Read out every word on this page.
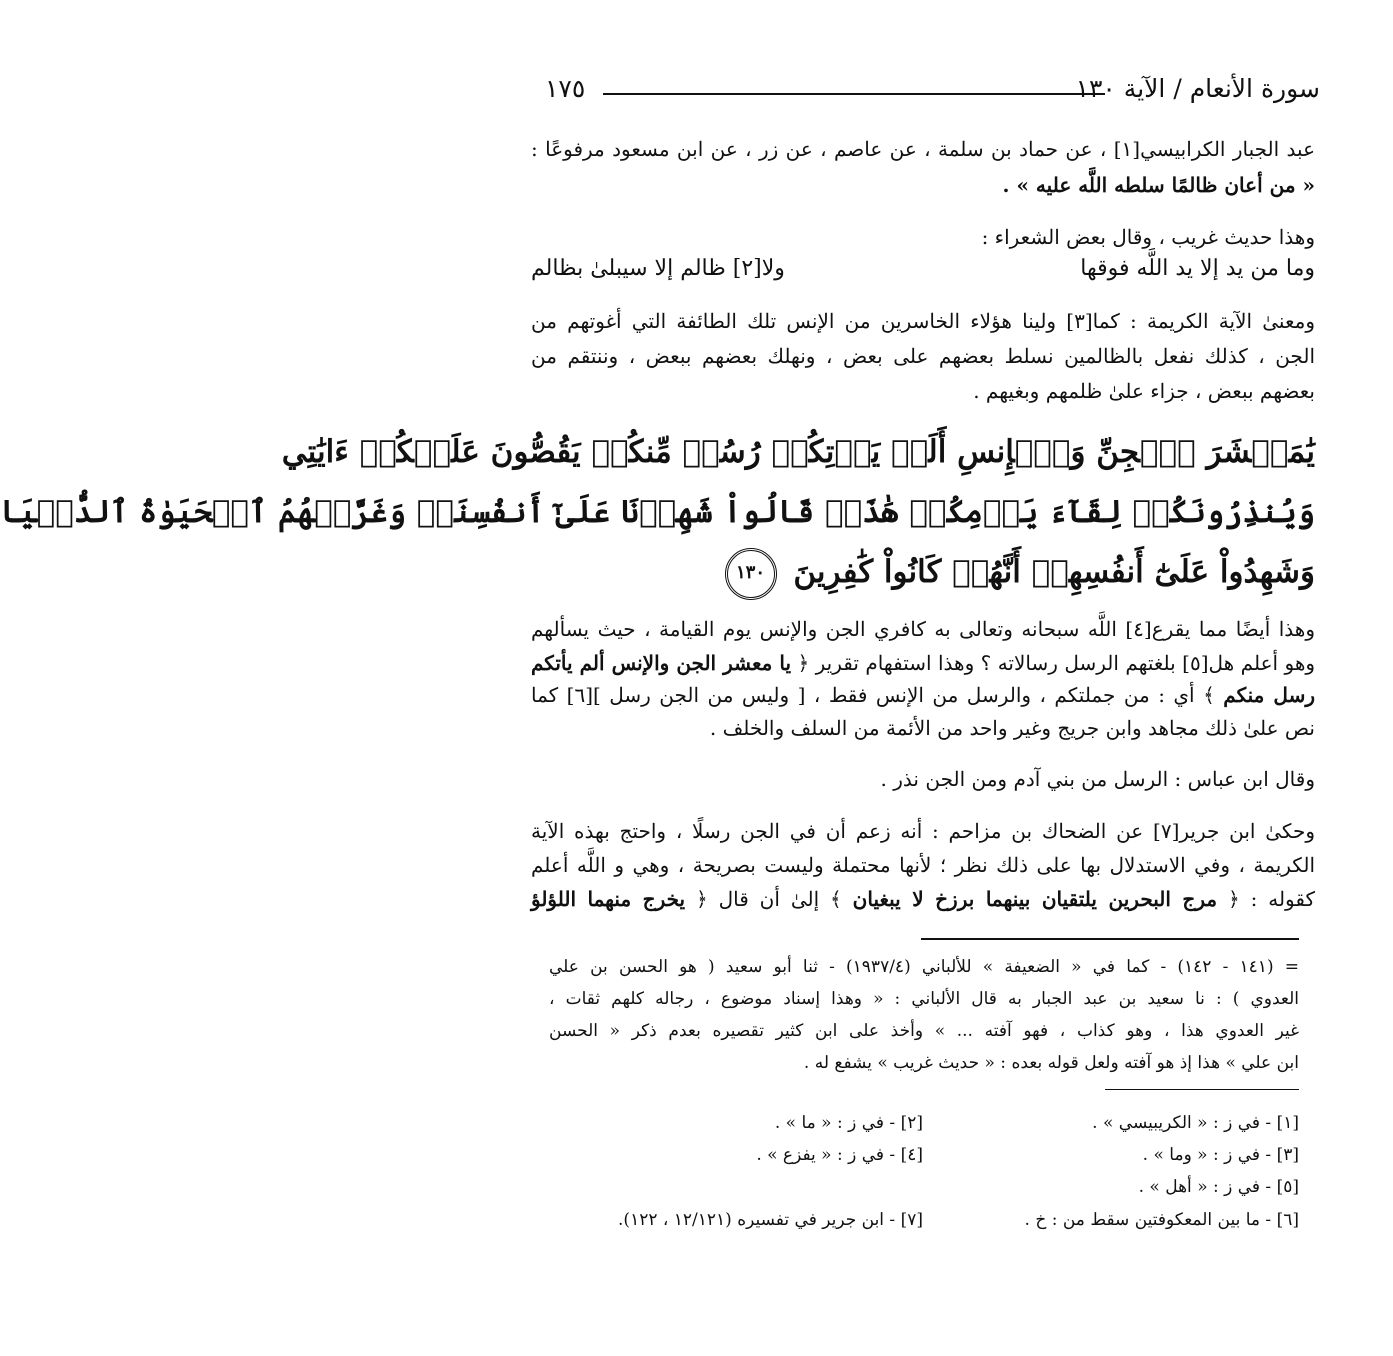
سورة الأنعام / الآية ١٣٠
١٧٥
عبد الجبار الكرابيسي[١] ، عن حماد بن سلمة ، عن عاصم ، عن زر ، عن ابن مسعود مرفوعًا :
« من أعان ظالمًا سلطه اللَّه عليه » .
وهذا حديث غريب ، وقال بعض الشعراء :
وما من يد إلا يد اللَّه فوقها
ولا[٢] ظالم إلا سيبلىٰ بظالم
ومعنىٰ الآية الكريمة : كما[٣] ولينا هؤلاء الخاسرين من الإنس تلك الطائفة التي أغوتهم من
الجن ، كذلك نفعل بالظالمين نسلط بعضهم على بعض ، ونهلك بعضهم ببعض ، وننتقم من
بعضهم ببعض ، جزاء علىٰ ظلمهم وبغيهم .
يَٰمَعۡشَرَ ٱلۡجِنِّ وَٱلۡإِنسِ أَلَمۡ يَأۡتِكُمۡ رُسُلٞ مِّنكُمۡ يَقُصُّونَ عَلَيۡكُمۡ ءَايَٰتِي
وَيُنذِرُونَكُمۡ لِقَآءَ يَوۡمِكُمۡ هَٰذَاۚ قَالُواْ شَهِدۡنَا عَلَىٰٓ أَنفُسِنَاۖ وَغَرَّتۡهُمُ ٱلۡحَيَوٰةُ ٱلدُّنۡيَا
وَشَهِدُواْ عَلَىٰٓ أَنفُسِهِمۡ أَنَّهُمۡ كَانُواْ كَٰفِرِينَ ١٣٠
وهذا أيضًا مما يقرع[٤] اللَّه سبحانه وتعالى به كافري الجن والإنس يوم القيامة ، حيث يسألهم
وهو أعلم هل[٥] بلغتهم الرسل رسالاته ؟ وهذا استفهام تقرير ﴿ يا معشر الجن والإنس ألم يأتكم
رسل منكم ﴾ أي : من جملتكم ، والرسل من الإنس فقط ، [ وليس من الجن رسل ][٦] كما
نص علىٰ ذلك مجاهد وابن جريج وغير واحد من الأئمة من السلف والخلف .
وقال ابن عباس : الرسل من بني آدم ومن الجن نذر .
وحكىٰ ابن جرير[٧] عن الضحاك بن مزاحم : أنه زعم أن في الجن رسلًا ، واحتج بهذه الآية
الكريمة ، وفي الاستدلال بها على ذلك نظر ؛ لأنها محتملة وليست بصريحة ، وهي و اللَّه أعلم
كقوله : ﴿ مرج البحرين يلتقيان بينهما برزخ لا يبغيان ﴾ إلىٰ أن قال ﴿ يخرج منهما اللؤلؤ
= (١٤١ - ١٤٢) - كما في « الضعيفة » للألباني (١٩٣٧/٤) - ثنا أبو سعيد ( هو الحسن بن علي
العدوي ) : نا سعيد بن عبد الجبار به قال الألباني : « وهذا إسناد موضوع ، رجاله كلهم ثقات ،
غير العدوي هذا ، وهو كذاب ، فهو آفته ... » وأخذ على ابن كثير تقصيره بعدم ذكر « الحسن
ابن علي » هذا إذ هو آفته ولعل قوله بعده : « حديث غريب » يشفع له .
[١] - في ز : « الكريبيسي » .
[٢] - في ز : « ما » .
[٣] - في ز : « وما » .
[٤] - في ز : « يفزع » .
[٥] - في ز : « أهل » .
[٦] - ما بين المعكوفتين سقط من : خ .
[٧] - ابن جرير في تفسيره (١٢/١٢١ ، ١٢٢).
